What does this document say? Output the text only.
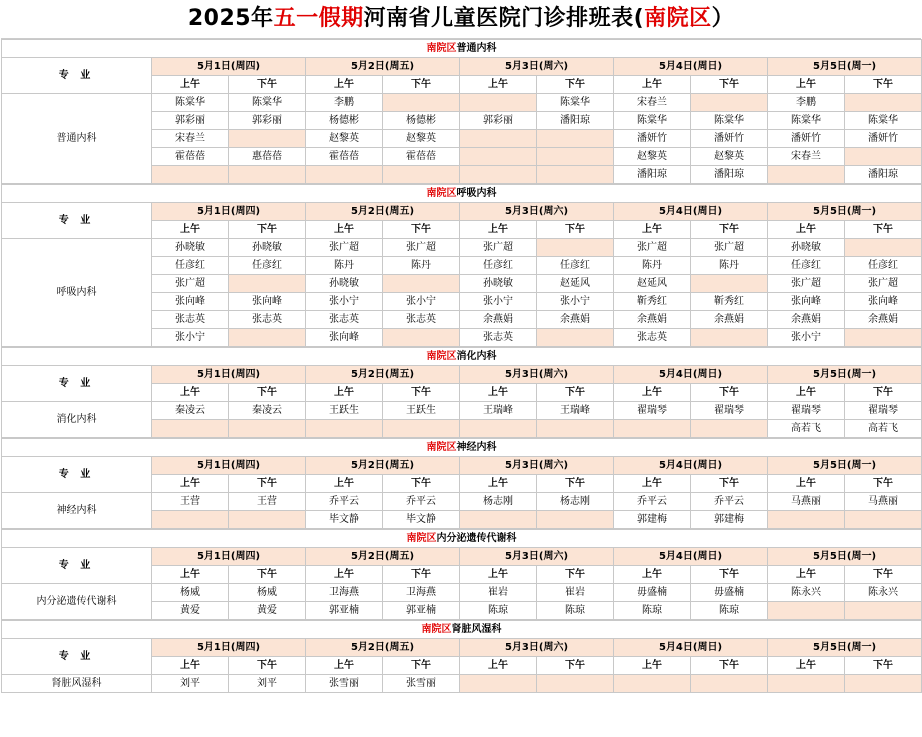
2025年五一假期河南省儿童医院门诊排班表(南院区）
南院区普通内科										
专 业	5月1日(周四)		5月2日(周五)		5月3日(周六)		5月4日(周日)		5月5日(周一)	
	上午	下午	上午	下午	上午	下午	上午	下午	上午	下午
普通内科	陈棠华	陈棠华	李鹏			陈棠华	宋春兰		李鹏	
	郭彩丽	郭彩丽	杨德彬	杨德彬	郭彩丽	潘阳琼	陈棠华	陈棠华	陈棠华	陈棠华
	宋春兰		赵黎英	赵黎英			潘妍竹	潘妍竹	潘妍竹	潘妍竹
	霍蓓蓓	惠蓓蓓	霍蓓蓓	霍蓓蓓			赵黎英	赵黎英	宋春兰	
							潘阳琼	潘阳琼		潘阳琼
南院区呼吸内科										
专 业	5月1日(周四)		5月2日(周五)		5月3日(周六)		5月4日(周日)		5月5日(周一)	
	上午	下午	上午	下午	上午	下午	上午	下午	上午	下午
呼吸内科	孙晓敏	孙晓敏	张广超	张广超	张广超		张广超	张广超	孙晓敏	
	任彦红	任彦红	陈丹	陈丹	任彦红	任彦红	陈丹	陈丹	任彦红	任彦红
	张广超		孙晓敏		孙晓敏	赵延风	赵延风		张广超	张广超
	张向峰	张向峰	张小宁	张小宁	张小宁	张小宁	靳秀红	靳秀红	张向峰	张向峰
	张志英	张志英	张志英	张志英	余燕娟	余燕娟	余燕娟	余燕娟	余燕娟	余燕娟
	张小宁		张向峰		张志英		张志英		张小宁	
南院区消化内科										
专 业	5月1日(周四)		5月2日(周五)		5月3日(周六)		5月4日(周日)		5月5日(周一)	
	上午	下午	上午	下午	上午	下午	上午	下午	上午	下午
消化内科	秦凌云	秦凌云	王跃生	王跃生	王瑞峰	王瑞峰	翟瑞琴	翟瑞琴	翟瑞琴	翟瑞琴
									高若飞	高若飞
南院区神经内科										
专 业	5月1日(周四)		5月2日(周五)		5月3日(周六)		5月4日(周日)		5月5日(周一)	
	上午	下午	上午	下午	上午	下午	上午	下午	上午	下午
神经内科	王营	王营	乔平云	乔平云	杨志刚	杨志刚	乔平云	乔平云	马燕丽	马燕丽
			毕文静	毕文静			郭建梅	郭建梅		
南院区内分泌遗传代谢科										
专 业	5月1日(周四)		5月2日(周五)		5月3日(周六)		5月4日(周日)		5月5日(周一)	
	上午	下午	上午	下午	上午	下午	上午	下午	上午	下午
内分泌遗传代谢科	杨威	杨威	卫海燕	卫海燕	崔岩	崔岩	毋盛楠	毋盛楠	陈永兴	陈永兴
	黄爱	黄爱	郭亚楠	郭亚楠	陈琼	陈琼	陈琼	陈琼		
南院区肾脏风湿科										
专 业	5月1日(周四)		5月2日(周五)		5月3日(周六)		5月4日(周日)		5月5日(周一)	
	上午	下午	上午	下午	上午	下午	上午	下午	上午	下午
肾脏风湿科	刘平	刘平	张雪丽	张雪丽						
